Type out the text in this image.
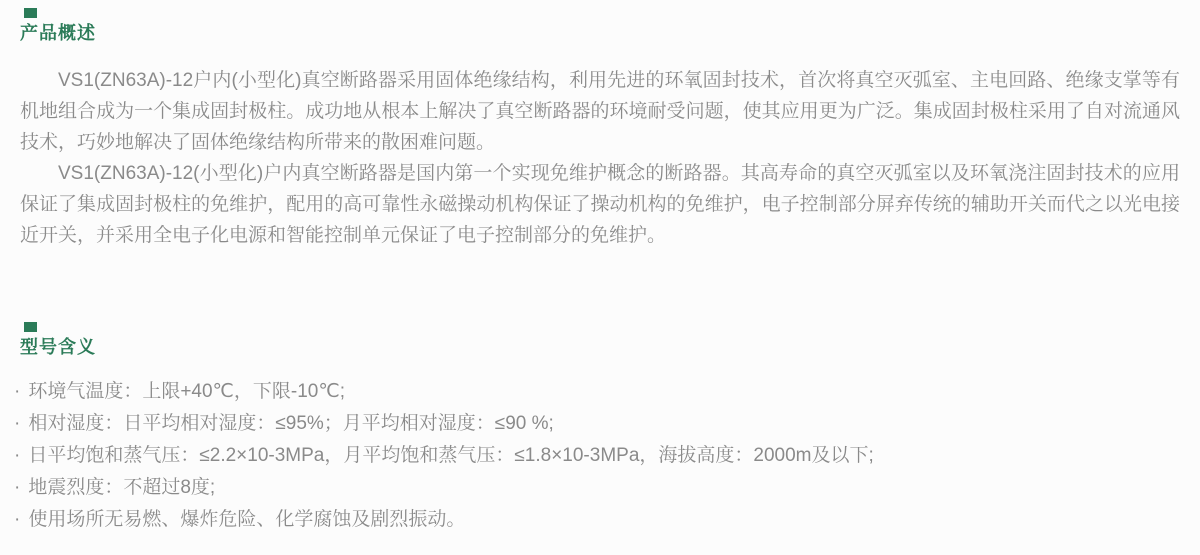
产品概述

VS1(ZN63A)-12户内(小型化)真空断路器采用固体绝缘结构，利用先进的环氧固封技术，首次将真空灭弧室、主电回路、绝缘支掌等有机地组合成为一个集成固封极柱。成功地从根本上解决了真空断路器的环境耐受问题，使其应用更为广泛。集成固封极柱采用了自对流通风技术，巧妙地解决了固体绝缘结构所带来的散困难问题。

VS1(ZN63A)-12(小型化)户内真空断路器是国内第一个实现免维护概念的断路器。其高寿命的真空灭弧室以及环氧浇注固封技术的应用保证了集成固封极柱的免维护，配用的高可靠性永磁操动机构保证了操动机构的免维护，电子控制部分屏弃传统的辅助开关而代之以光电接近开关，并采用全电子化电源和智能控制单元保证了电子控制部分的免维护。

型号含义
· 环境气温度：上限+40℃，下限-10℃;
· 相对湿度：日平均相对湿度：≤95%；月平均相对湿度：≤90 %;
· 日平均饱和蒸气压：≤2.2×10-3MPa，月平均饱和蒸气压：≤1.8×10-3MPa，海拔高度：2000m及以下;
· 地震烈度：不超过8度;
· 使用场所无易燃、爆炸危险、化学腐蚀及剧烈振动。
